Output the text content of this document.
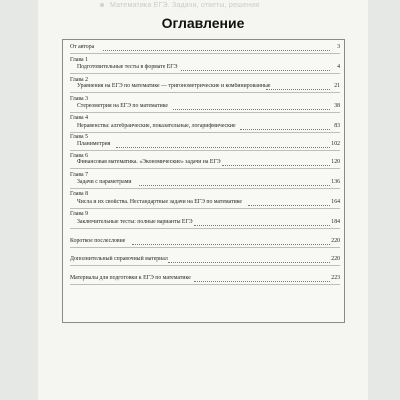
Математика ЕГЭ. Задачи, ответы, решения
Оглавление
От автора	3
Глава 1
Подготовительные тесты в формате ЕГЭ	4
Глава 2
Уравнения на ЕГЭ по математике — тригонометрические и комбинированные	21
Глава 3
Стереометрия на ЕГЭ по математике	38
Глава 4
Неравенства: алгебраические, показательные, логарифмические	83
Глава 5
Планиметрия	102
Глава 6
Финансовая математика. «Экономические» задачи на ЕГЭ	120
Глава 7
Задачи с параметрами	136
Глава 8
Числа и их свойства. Нестандартные задачи на ЕГЭ по математике	164
Глава 9
Заключительные тесты: полные варианты ЕГЭ	184
Короткое послесловие	220
Дополнительный справочный материал	220
Материалы для подготовки к ЕГЭ по математике	223
